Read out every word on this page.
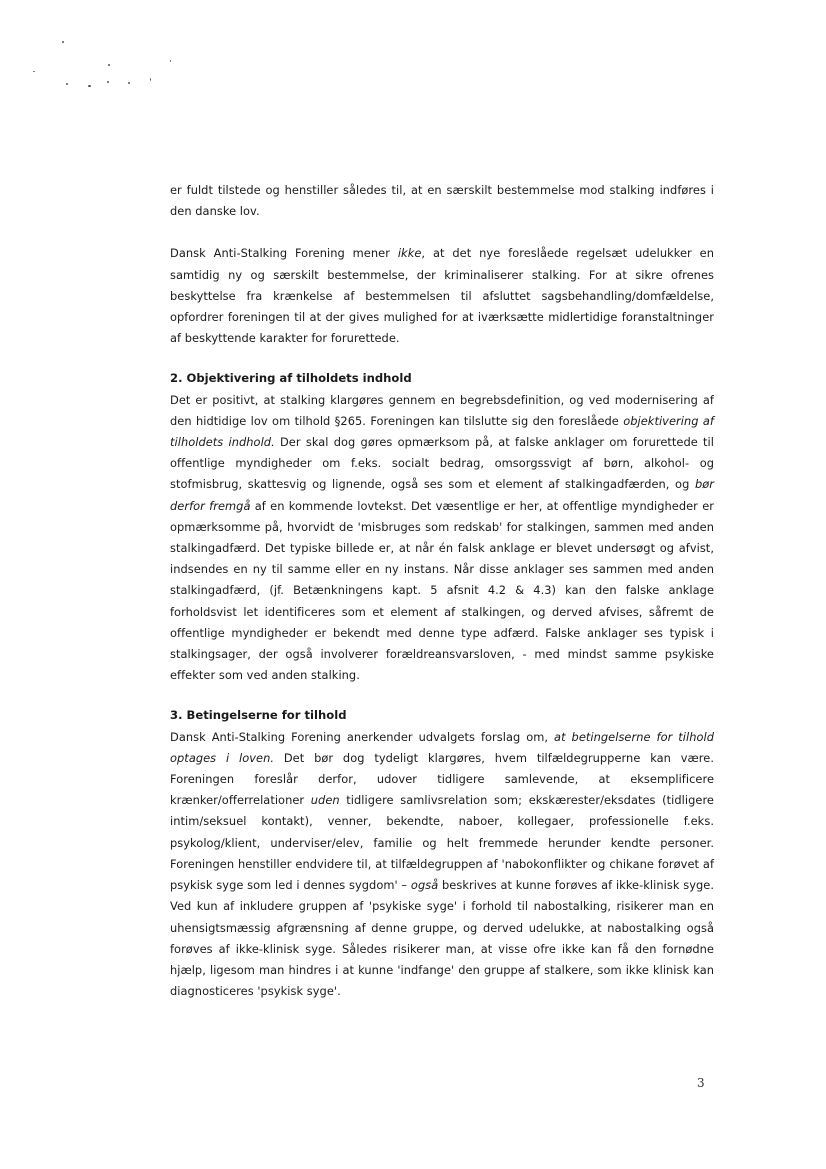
er fuldt tilstede og henstiller således til, at en særskilt bestemmelse mod stalking indføres i den danske lov.

Dansk Anti-Stalking Forening mener ikke, at det nye foreslåede regelsæt udelukker en samtidig ny og særskilt bestemmelse, der kriminaliserer stalking. For at sikre ofrenes beskyttelse fra krænkelse af bestemmelsen til afsluttet sagsbehandling/domfældelse, opfordrer foreningen til at der gives mulighed for at iværksætte midlertidige foranstaltninger af beskyttende karakter for forurettede.

2. Objektivering af tilholdets indhold

Det er positivt, at stalking klargøres gennem en begrebsdefinition, og ved modernisering af den hidtidige lov om tilhold §265. Foreningen kan tilslutte sig den foreslåede objektivering af tilholdets indhold. Der skal dog gøres opmærksom på, at falske anklager om forurettede til offentlige myndigheder om f.eks. socialt bedrag, omsorgssvigt af børn, alkohol- og stofmisbrug, skattesvig og lignende, også ses som et element af stalkingadfærden, og bør derfor fremgå af en kommende lovtekst. Det væsentlige er her, at offentlige myndigheder er opmærksomme på, hvorvidt de 'misbruges som redskab' for stalkingen, sammen med anden stalkingadfærd. Det typiske billede er, at når én falsk anklage er blevet undersøgt og afvist, indsendes en ny til samme eller en ny instans. Når disse anklager ses sammen med anden stalkingadfærd, (jf. Betænkningens kapt. 5 afsnit 4.2 & 4.3) kan den falske anklage forholdsvist let identificeres som et element af stalkingen, og derved afvises, såfremt de offentlige myndigheder er bekendt med denne type adfærd. Falske anklager ses typisk i stalkingsager, der også involverer forældreansvarsloven, - med mindst samme psykiske effekter som ved anden stalking.

3. Betingelserne for tilhold

Dansk Anti-Stalking Forening anerkender udvalgets forslag om, at betingelserne for tilhold optages i loven. Det bør dog tydeligt klargøres, hvem tilfældegrupperne kan være. Foreningen foreslår derfor, udover tidligere samlevende, at eksemplificere krænker/offerrelationer uden tidligere samlivsrelation som; ekskærester/eksdates (tidligere intim/seksuel kontakt), venner, bekendte, naboer, kollegaer, professionelle f.eks. psykolog/klient, underviser/elev, familie og helt fremmede herunder kendte personer. Foreningen henstiller endvidere til, at tilfældegruppen af 'nabokonflikter og chikane forøvet af psykisk syge som led i dennes sygdom' – også beskrives at kunne forøves af ikke-klinisk syge. Ved kun af inkludere gruppen af 'psykiske syge' i forhold til nabostalking, risikerer man en uhensigtsmæssig afgrænsning af denne gruppe, og derved udelukke, at nabostalking også forøves af ikke-klinisk syge. Således risikerer man, at visse ofre ikke kan få den fornødne hjælp, ligesom man hindres i at kunne 'indfange' den gruppe af stalkere, som ikke klinisk kan diagnosticeres 'psykisk syge'.

3
